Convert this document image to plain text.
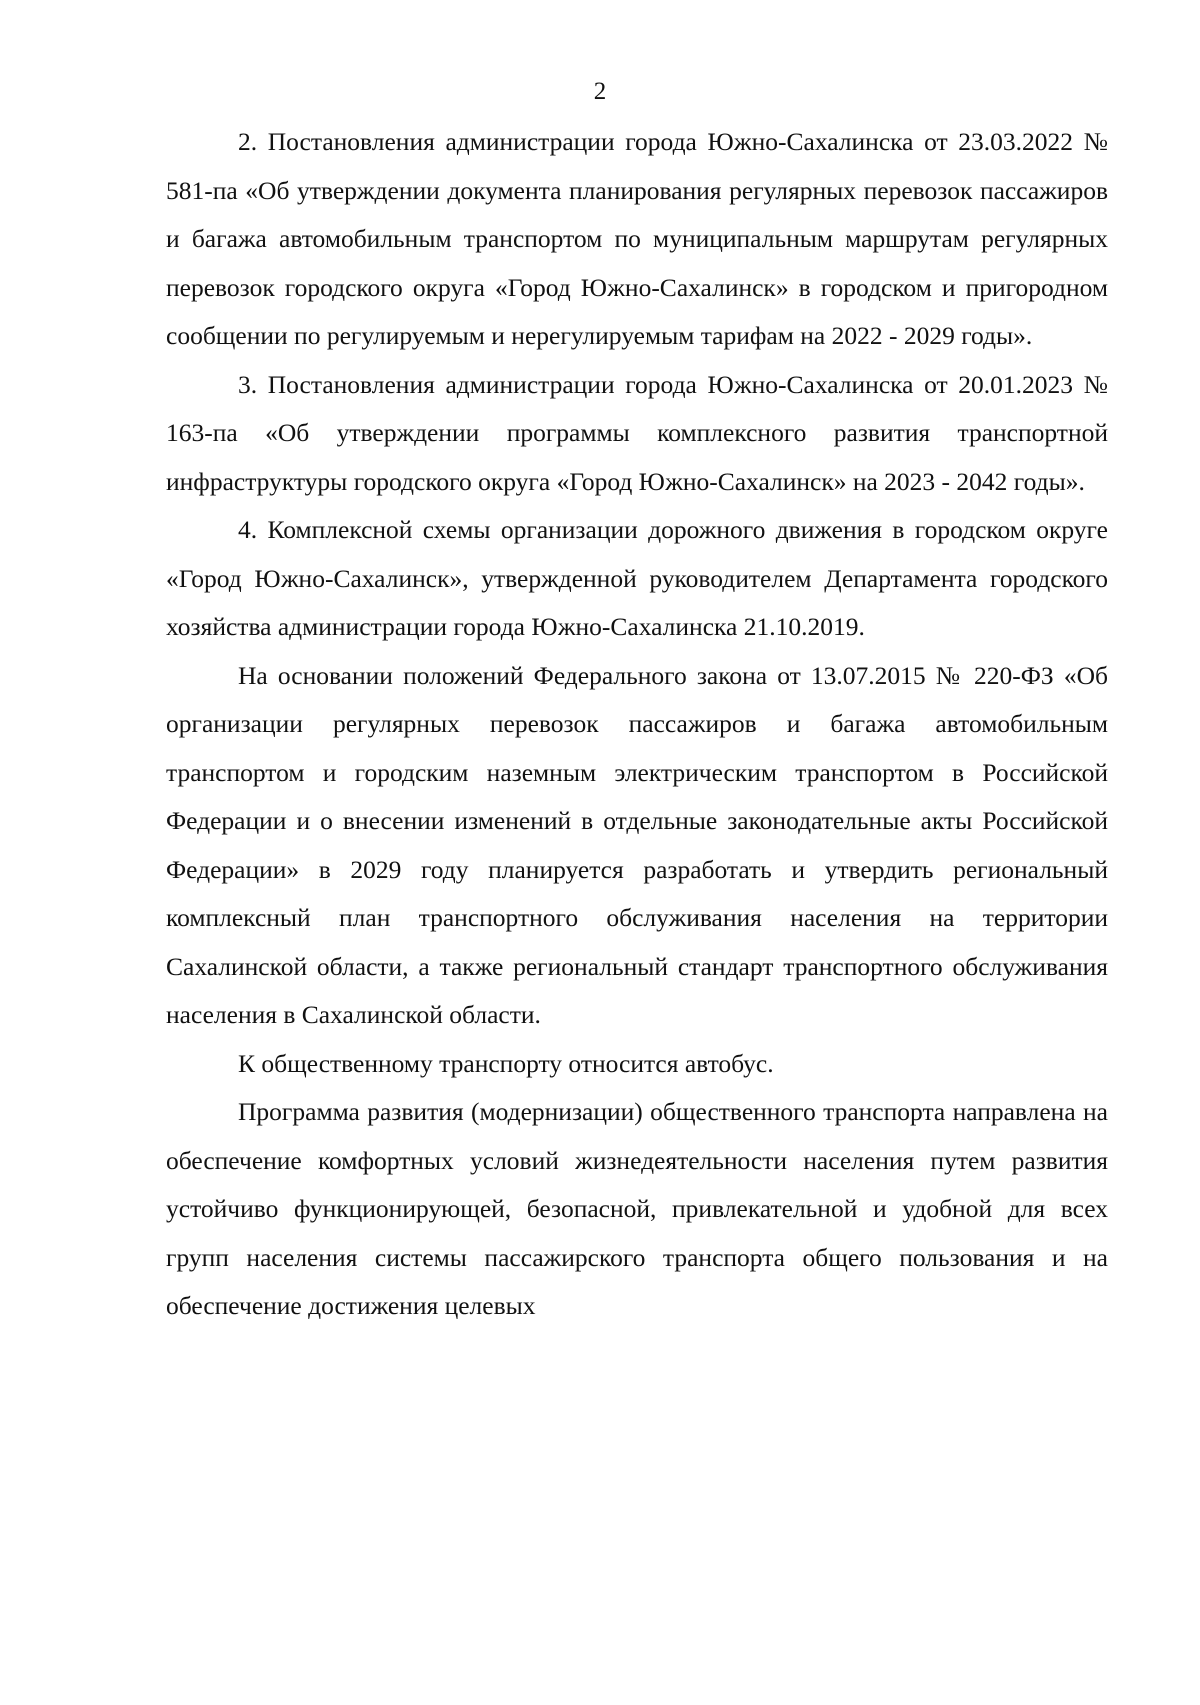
2

2. Постановления администрации города Южно-Сахалинска от 23.03.2022 № 581-па «Об утверждении документа планирования регулярных перевозок пассажиров и багажа автомобильным транспортом по муниципальным маршрутам регулярных перевозок городского округа «Город Южно-Сахалинск» в городском и пригородном сообщении по регулируемым и нерегулируемым тарифам на 2022 - 2029 годы».

3. Постановления администрации города Южно-Сахалинска от 20.01.2023 № 163-па «Об утверждении программы комплексного развития транспортной инфраструктуры городского округа «Город Южно-Сахалинск» на 2023 - 2042 годы».

4. Комплексной схемы организации дорожного движения в городском округе «Город Южно-Сахалинск», утвержденной руководителем Департамента городского хозяйства администрации города Южно-Сахалинска 21.10.2019.

На основании положений Федерального закона от 13.07.2015 № 220-ФЗ «Об организации регулярных перевозок пассажиров и багажа автомобильным транспортом и городским наземным электрическим транспортом в Российской Федерации и о внесении изменений в отдельные законодательные акты Российской Федерации» в 2029 году планируется разработать и утвердить региональный комплексный план транспортного обслуживания населения на территории Сахалинской области, а также региональный стандарт транспортного обслуживания населения в Сахалинской области.

К общественному транспорту относится автобус.

Программа развития (модернизации) общественного транспорта направлена на обеспечение комфортных условий жизнедеятельности населения путем развития устойчиво функционирующей, безопасной, привлекательной и удобной для всех групп населения системы пассажирского транспорта общего пользования и на обеспечение достижения целевых
